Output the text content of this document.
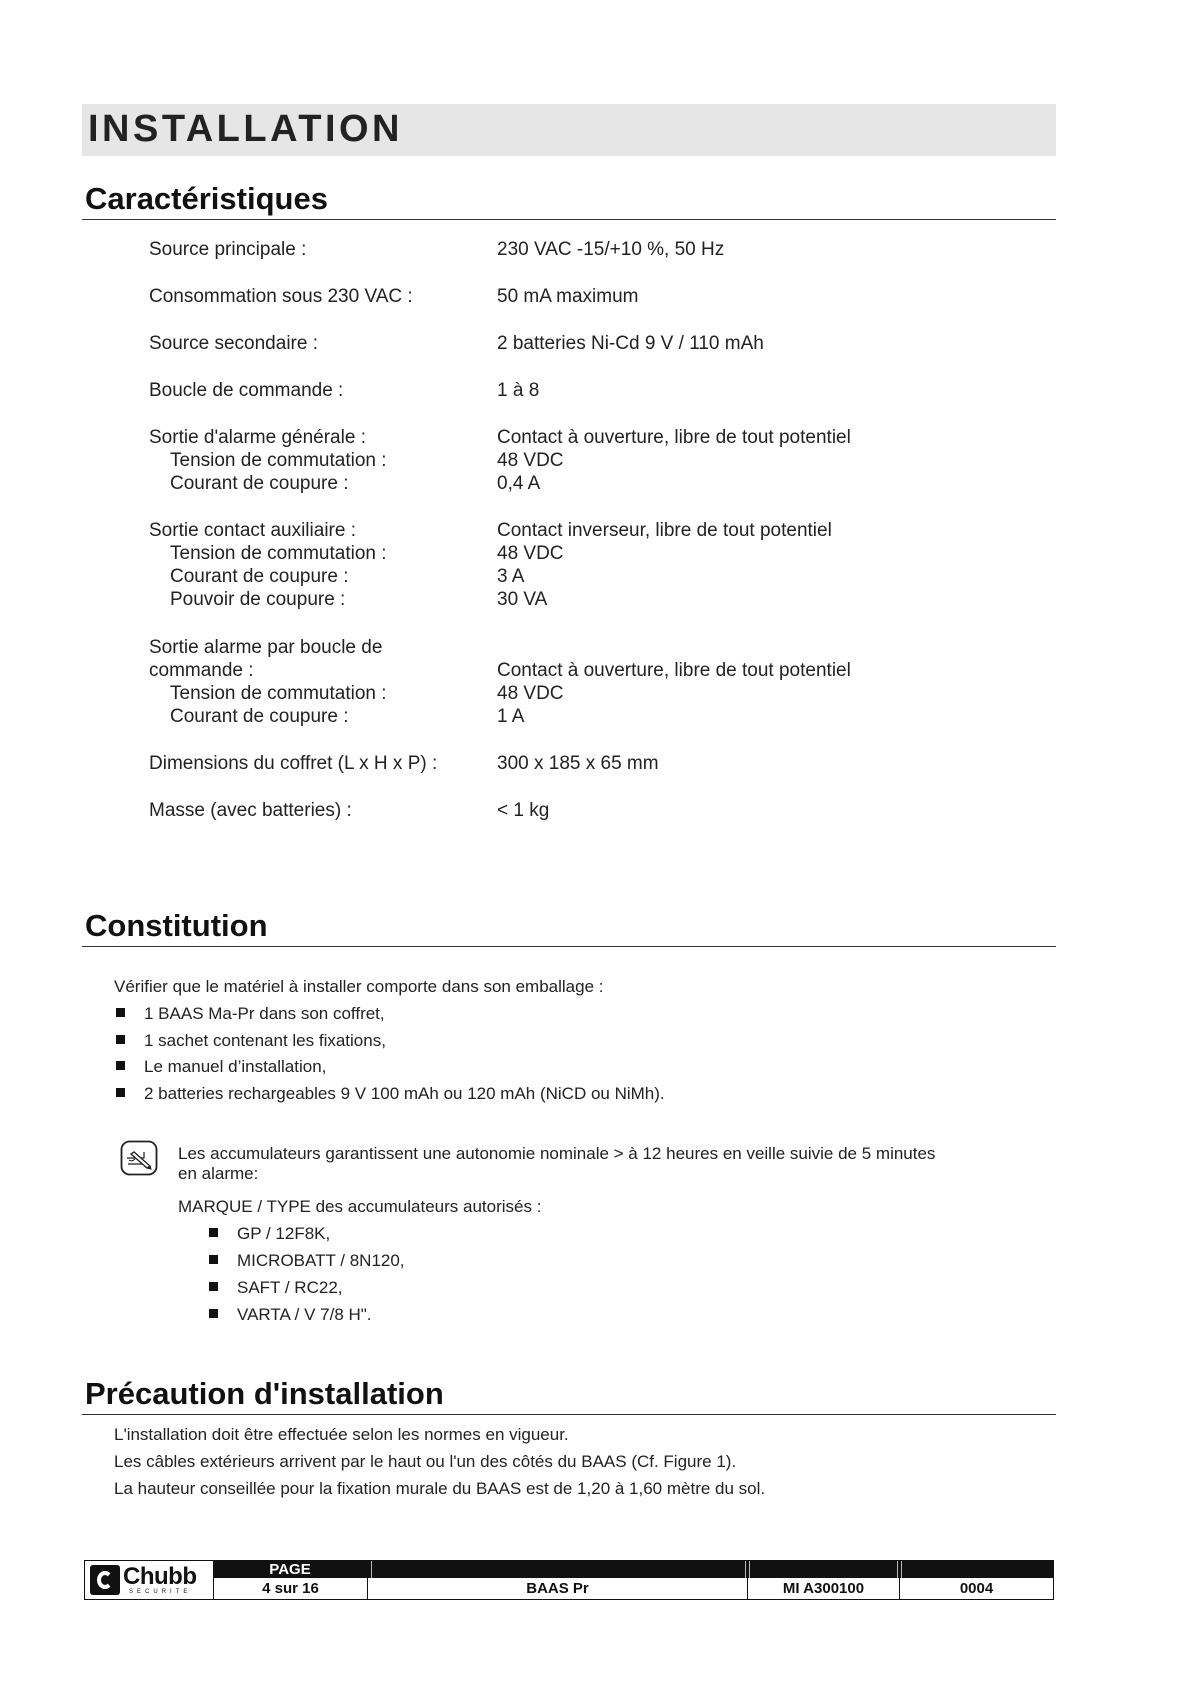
INSTALLATION
Caractéristiques
Source principale :	230 VAC -15/+10 %, 50 Hz
Consommation sous 230 VAC :	50 mA maximum
Source secondaire :	2 batteries Ni-Cd 9 V / 110 mAh
Boucle de commande :	1 à 8
Sortie d'alarme générale :	Contact à ouverture, libre de tout potentiel
Tension de commutation :	48 VDC
Courant de coupure :	0,4 A
Sortie contact auxiliaire :	Contact inverseur, libre de tout potentiel
Tension de commutation :	48 VDC
Courant de coupure :	3 A
Pouvoir de coupure :	30 VA
Sortie alarme par boucle de
commande :	Contact à ouverture, libre de tout potentiel
Tension de commutation :	48 VDC
Courant de coupure :	1 A
Dimensions du coffret (L x H x P) :	300 x 185 x 65 mm
Masse (avec batteries) :	< 1 kg
Constitution
Vérifier que le matériel à installer comporte dans son emballage :
1 BAAS Ma-Pr dans son coffret,
1 sachet contenant les fixations,
Le manuel d’installation,
2 batteries rechargeables 9 V 100 mAh ou 120 mAh (NiCD ou NiMh).
Les accumulateurs garantissent une autonomie nominale > à 12 heures en veille suivie de 5 minutes
en alarme:
MARQUE / TYPE des accumulateurs autorisés :
GP / 12F8K,
MICROBATT / 8N120,
SAFT / RC22,
VARTA / V 7/8 H".
Précaution d'installation
L'installation doit être effectuée selon les normes en vigueur.
Les câbles extérieurs arrivent par le haut ou l'un des côtés du BAAS (Cf. Figure 1).
La hauteur conseillée pour la fixation murale du BAAS est de 1,20 à 1,60 mètre du sol.
Chubb
SECURITE
PAGE
4 sur 16	BAAS Pr	MI A300100	0004
